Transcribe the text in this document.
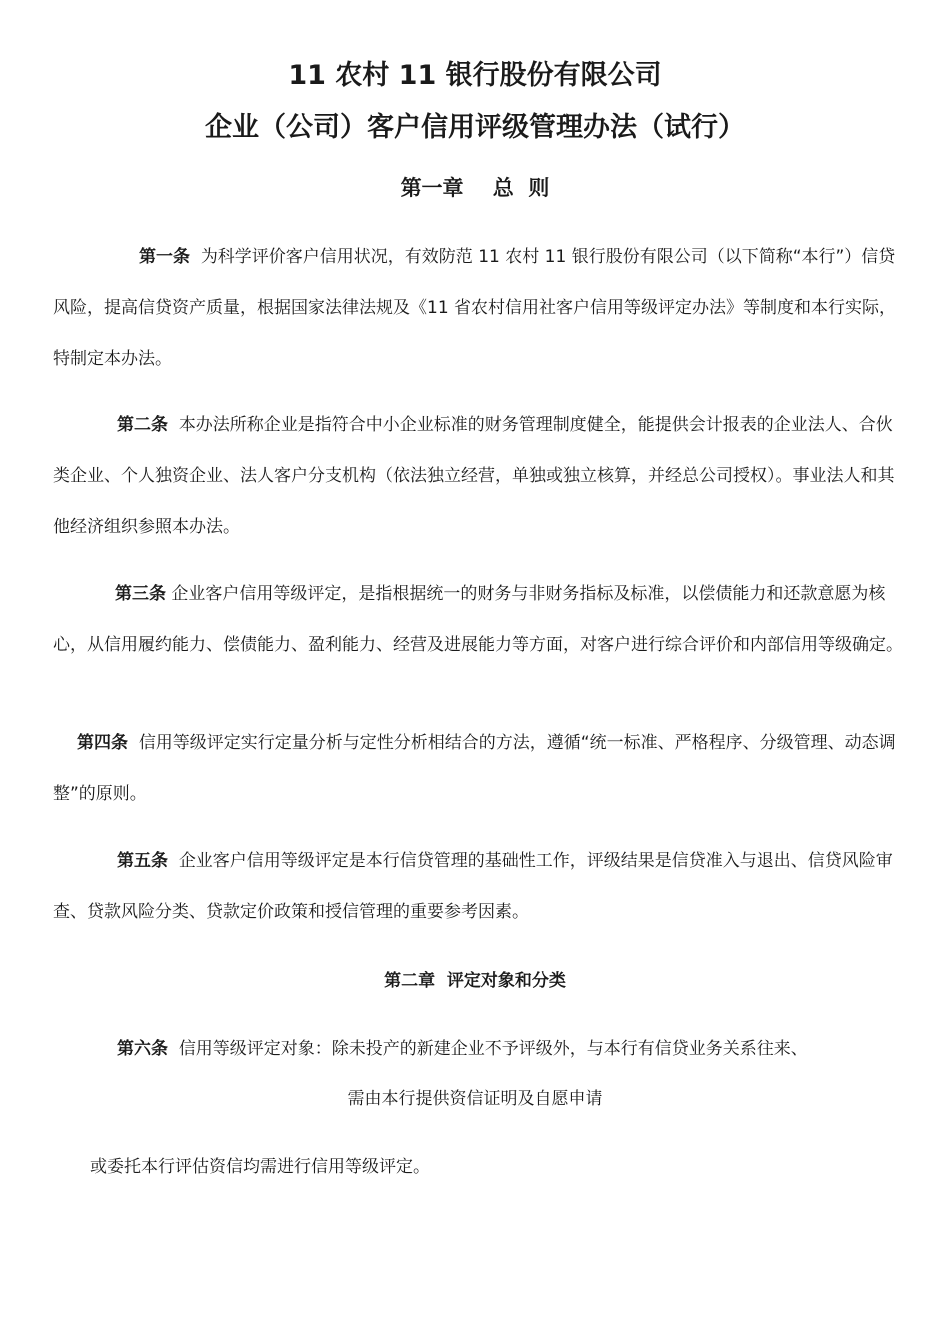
11 农村 11 银行股份有限公司
企业（公司）客户信用评级管理办法（试行）
第一章    总  则
第一条 为科学评价客户信用状况，有效防范 11 农村 11 银行股份有限公司（以下简称“本行”）信贷风险，提高信贷资产质量，根据国家法律法规及《11 省农村信用社客户信用等级评定办法》等制度和本行实际，特制定本办法。
第二条 本办法所称企业是指符合中小企业标准的财务管理制度健全，能提供会计报表的企业法人、合伙类企业、个人独资企业、法人客户分支机构（依法独立经营，单独或独立核算，并经总公司授权）。事业法人和其他经济组织参照本办法。
第三条 企业客户信用等级评定，是指根据统一的财务与非财务指标及标准，以偿债能力和还款意愿为核心，从信用履约能力、偿债能力、盈利能力、经营及进展能力等方面，对客户进行综合评价和内部信用等级确定。
第四条 信用等级评定实行定量分析与定性分析相结合的方法，遵循“统一标准、严格程序、分级管理、动态调整”的原则。
第五条 企业客户信用等级评定是本行信贷管理的基础性工作，评级结果是信贷准入与退出、信贷风险审查、贷款风险分类、贷款定价政策和授信管理的重要参考因素。
第二章  评定对象和分类
第六条 信用等级评定对象：除未投产的新建企业不予评级外，与本行有信贷业务关系往来、
需由本行提供资信证明及自愿申请
或委托本行评估资信均需进行信用等级评定。
